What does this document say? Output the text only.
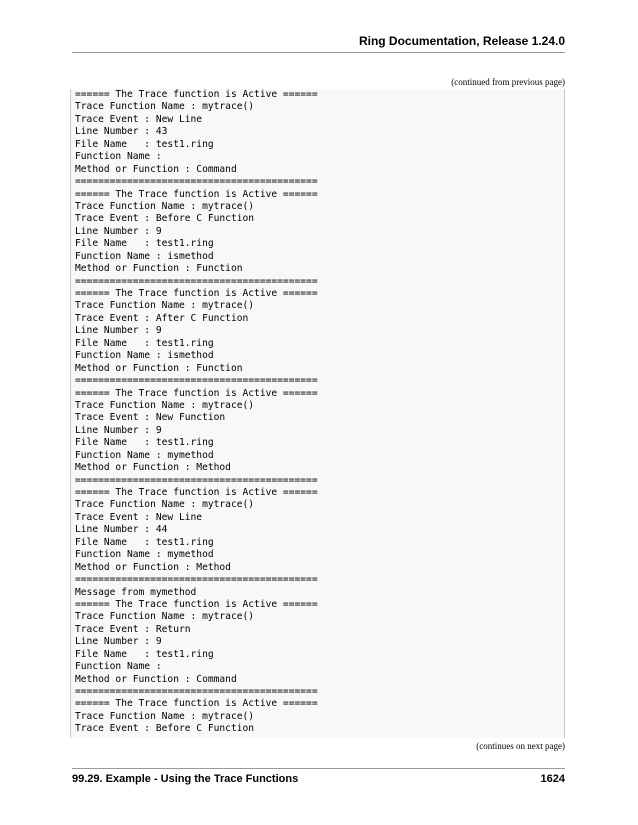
Ring Documentation, Release 1.24.0
(continued from previous page)
====== The Trace function is Active ======
Trace Function Name : mytrace()
Trace Event : New Line
Line Number : 43
File Name   : test1.ring
Function Name :
Method or Function : Command
==========================================
====== The Trace function is Active ======
Trace Function Name : mytrace()
Trace Event : Before C Function
Line Number : 9
File Name   : test1.ring
Function Name : ismethod
Method or Function : Function
==========================================
====== The Trace function is Active ======
Trace Function Name : mytrace()
Trace Event : After C Function
Line Number : 9
File Name   : test1.ring
Function Name : ismethod
Method or Function : Function
==========================================
====== The Trace function is Active ======
Trace Function Name : mytrace()
Trace Event : New Function
Line Number : 9
File Name   : test1.ring
Function Name : mymethod
Method or Function : Method
==========================================
====== The Trace function is Active ======
Trace Function Name : mytrace()
Trace Event : New Line
Line Number : 44
File Name   : test1.ring
Function Name : mymethod
Method or Function : Method
==========================================
Message from mymethod
====== The Trace function is Active ======
Trace Function Name : mytrace()
Trace Event : Return
Line Number : 9
File Name   : test1.ring
Function Name :
Method or Function : Command
==========================================
====== The Trace function is Active ======
Trace Function Name : mytrace()
Trace Event : Before C Function
(continues on next page)
99.29. Example - Using the Trace Functions	1624
